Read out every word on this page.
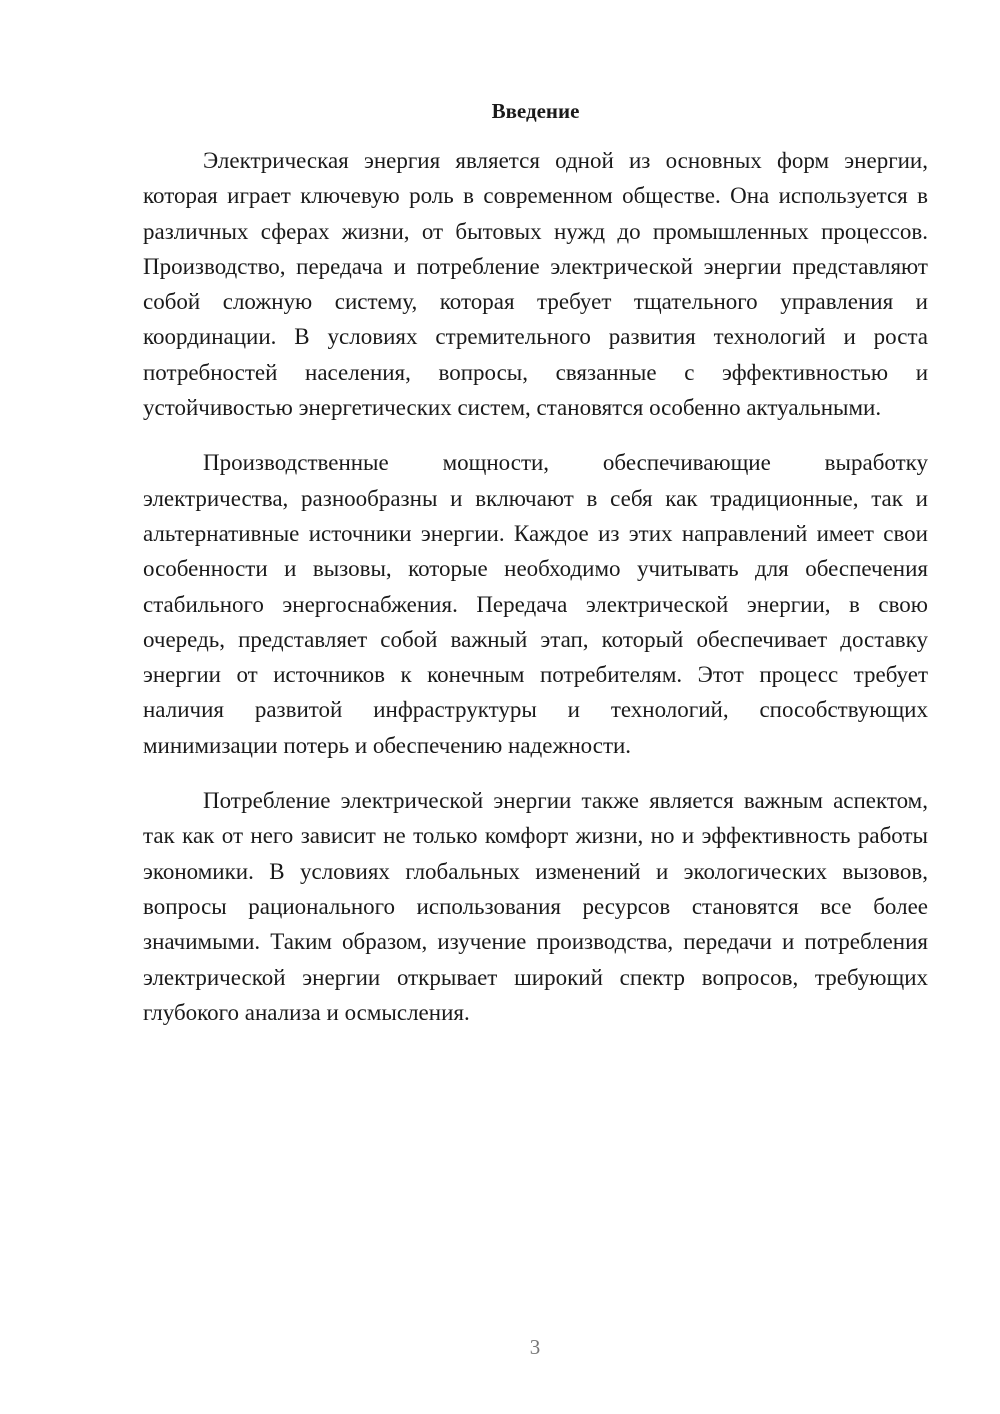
Введение

Электрическая энергия является одной из основных форм энергии, которая играет ключевую роль в современном обществе. Она используется в различных сферах жизни, от бытовых нужд до промышленных процессов. Производство, передача и потребление электрической энергии представляют собой сложную систему, которая требует тщательного управления и координации. В условиях стремительного развития технологий и роста потребностей населения, вопросы, связанные с эффективностью и устойчивостью энергетических систем, становятся особенно актуальными.

Производственные мощности, обеспечивающие выработку электричества, разнообразны и включают в себя как традиционные, так и альтернативные источники энергии. Каждое из этих направлений имеет свои особенности и вызовы, которые необходимо учитывать для обеспечения стабильного энергоснабжения. Передача электрической энергии, в свою очередь, представляет собой важный этап, который обеспечивает доставку энергии от источников к конечным потребителям. Этот процесс требует наличия развитой инфраструктуры и технологий, способствующих минимизации потерь и обеспечению надежности.

Потребление электрической энергии также является важным аспектом, так как от него зависит не только комфорт жизни, но и эффективность работы экономики. В условиях глобальных изменений и экологических вызовов, вопросы рационального использования ресурсов становятся все более значимыми. Таким образом, изучение производства, передачи и потребления электрической энергии открывает широкий спектр вопросов, требующих глубокого анализа и осмысления.

3
